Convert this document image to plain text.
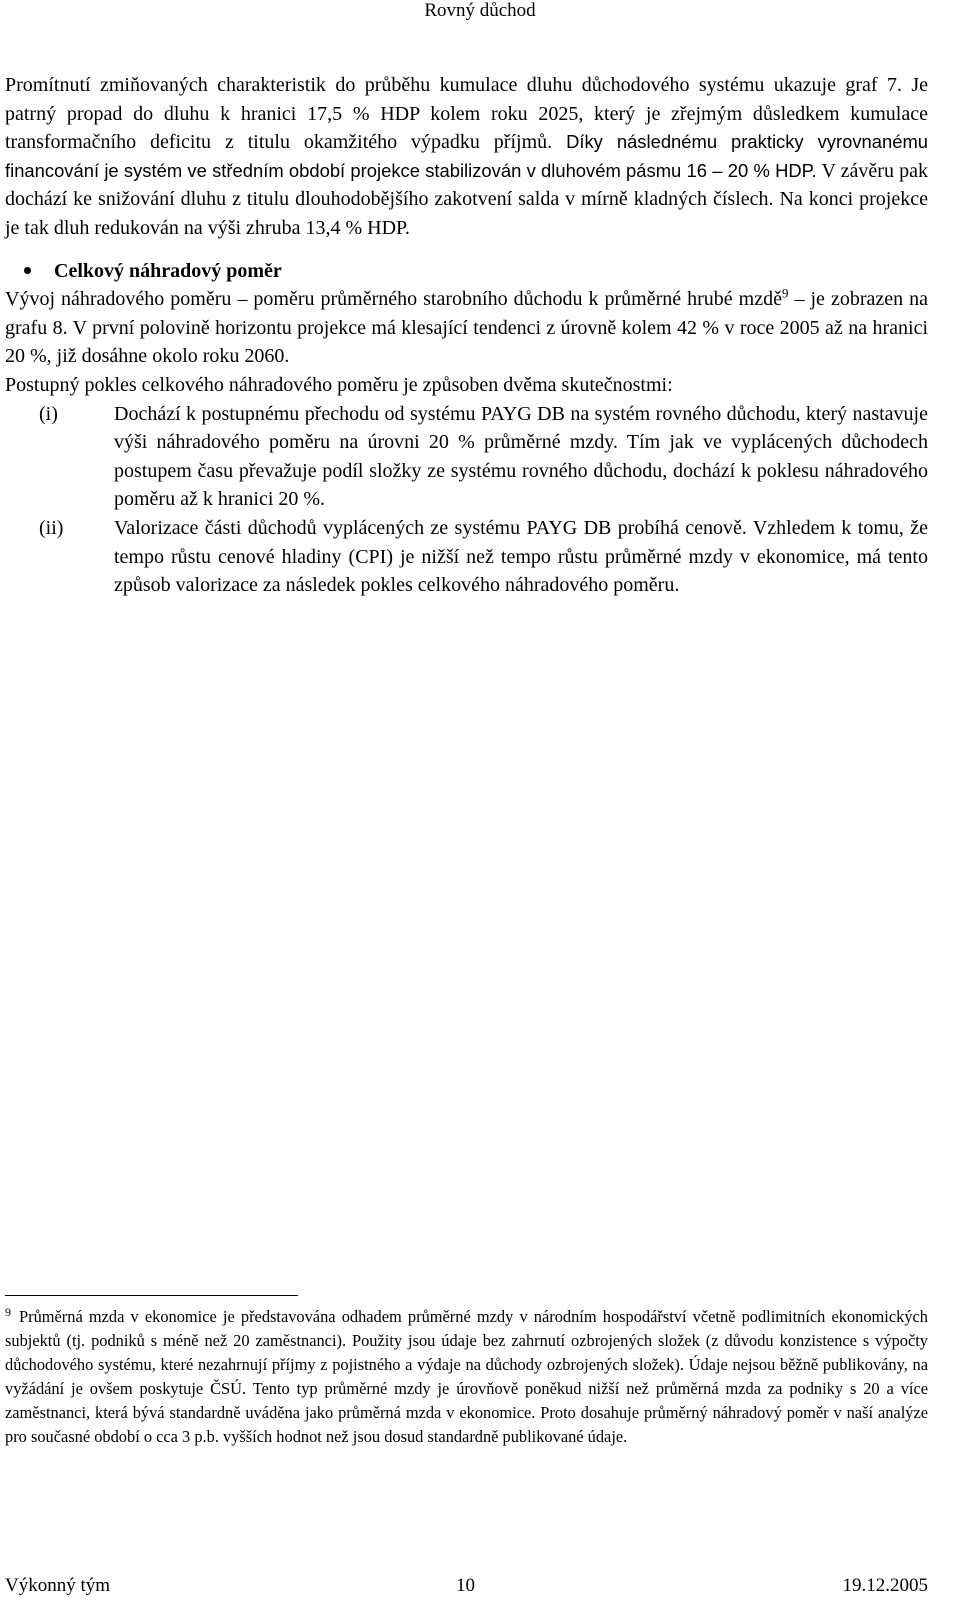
Rovný důchod

Promítnutí zmiňovaných charakteristik do průběhu kumulace dluhu důchodového systému ukazuje graf 7. Je patrný propad do dluhu k hranici 17,5 % HDP kolem roku 2025, který je zřejmým důsledkem kumulace transformačního deficitu z titulu okamžitého výpadku příjmů. Díky následnému prakticky vyrovnanému financování je systém ve středním období projekce stabilizován v dluhovém pásmu 16 – 20 % HDP. V závěru pak dochází ke snižování dluhu z titulu dlouhodobějšího zakotvení salda v mírně kladných číslech. Na konci projekce je tak dluh redukován na výši zhruba 13,4 % HDP.

Celkový náhradový poměr

Vývoj náhradového poměru – poměru průměrného starobního důchodu k průměrné hrubé mzdě$^9$ – je zobrazen na grafu 8. V první polovině horizontu projekce má klesající tendenci z úrovně kolem 42 % v roce 2005 až na hranici 20 %, již dosáhne okolo roku 2060.

Postupný pokles celkového náhradového poměru je způsoben dvěma skutečnostmi:

(i)	Dochází k postupnému přechodu od systému PAYG DB na systém rovného důchodu, který nastavuje výši náhradového poměru na úrovni 20 % průměrné mzdy. Tím jak ve vyplácených důchodech postupem času převažuje podíl složky ze systému rovného důchodu, dochází k poklesu náhradového poměru až k hranici 20 %.
(ii)	Valorizace části důchodů vyplácených ze systému PAYG DB probíhá cenově. Vzhledem k tomu, že tempo růstu cenové hladiny (CPI) je nižší než tempo růstu průměrné mzdy v ekonomice, má tento způsob valorizace za následek pokles celkového náhradového poměru.
$^9$ Průměrná mzda v ekonomice je představována odhadem průměrné mzdy v národním hospodářství včetně podlimitních ekonomických subjektů (tj. podniků s méně než 20 zaměstnanci). Použity jsou údaje bez zahrnutí ozbrojených složek (z důvodu konzistence s výpočty důchodového systému, které nezahrnují příjmy z pojistného a výdaje na důchody ozbrojených složek). Údaje nejsou běžně publikovány, na vyžádání je ovšem poskytuje ČSÚ. Tento typ průměrné mzdy je úrovňově poněkud nižší než průměrná mzda za podniky s 20 a více zaměstnanci, která bývá standardně uváděna jako průměrná mzda v ekonomice. Proto dosahuje průměrný náhradový poměr v naší analýze pro současné období o cca 3 p.b. vyšších hodnot než jsou dosud standardně publikované údaje.
Výkonný tým	10	19.12.2005
